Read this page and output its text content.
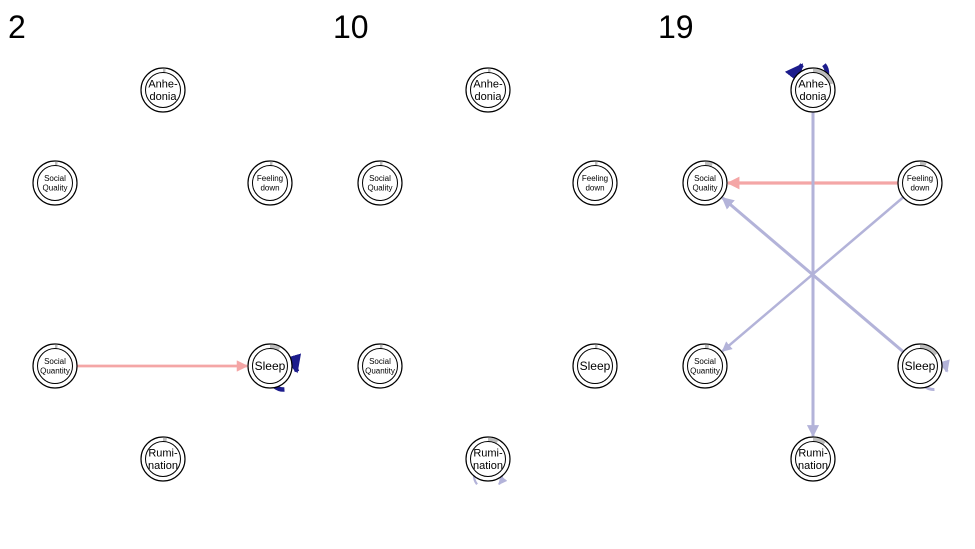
Anhe-
donia
Feeling
down
Sleep
Rumi-
nation
Social
Quantity
Social
Quality
Anhe-
donia
Feeling
down
Sleep
Rumi-
nation
Social
Quantity
Social
Quality
Anhe-
donia
Feeling
down
Sleep
Rumi-
nation
Social
Quantity
Social
Quality
2	10	19
